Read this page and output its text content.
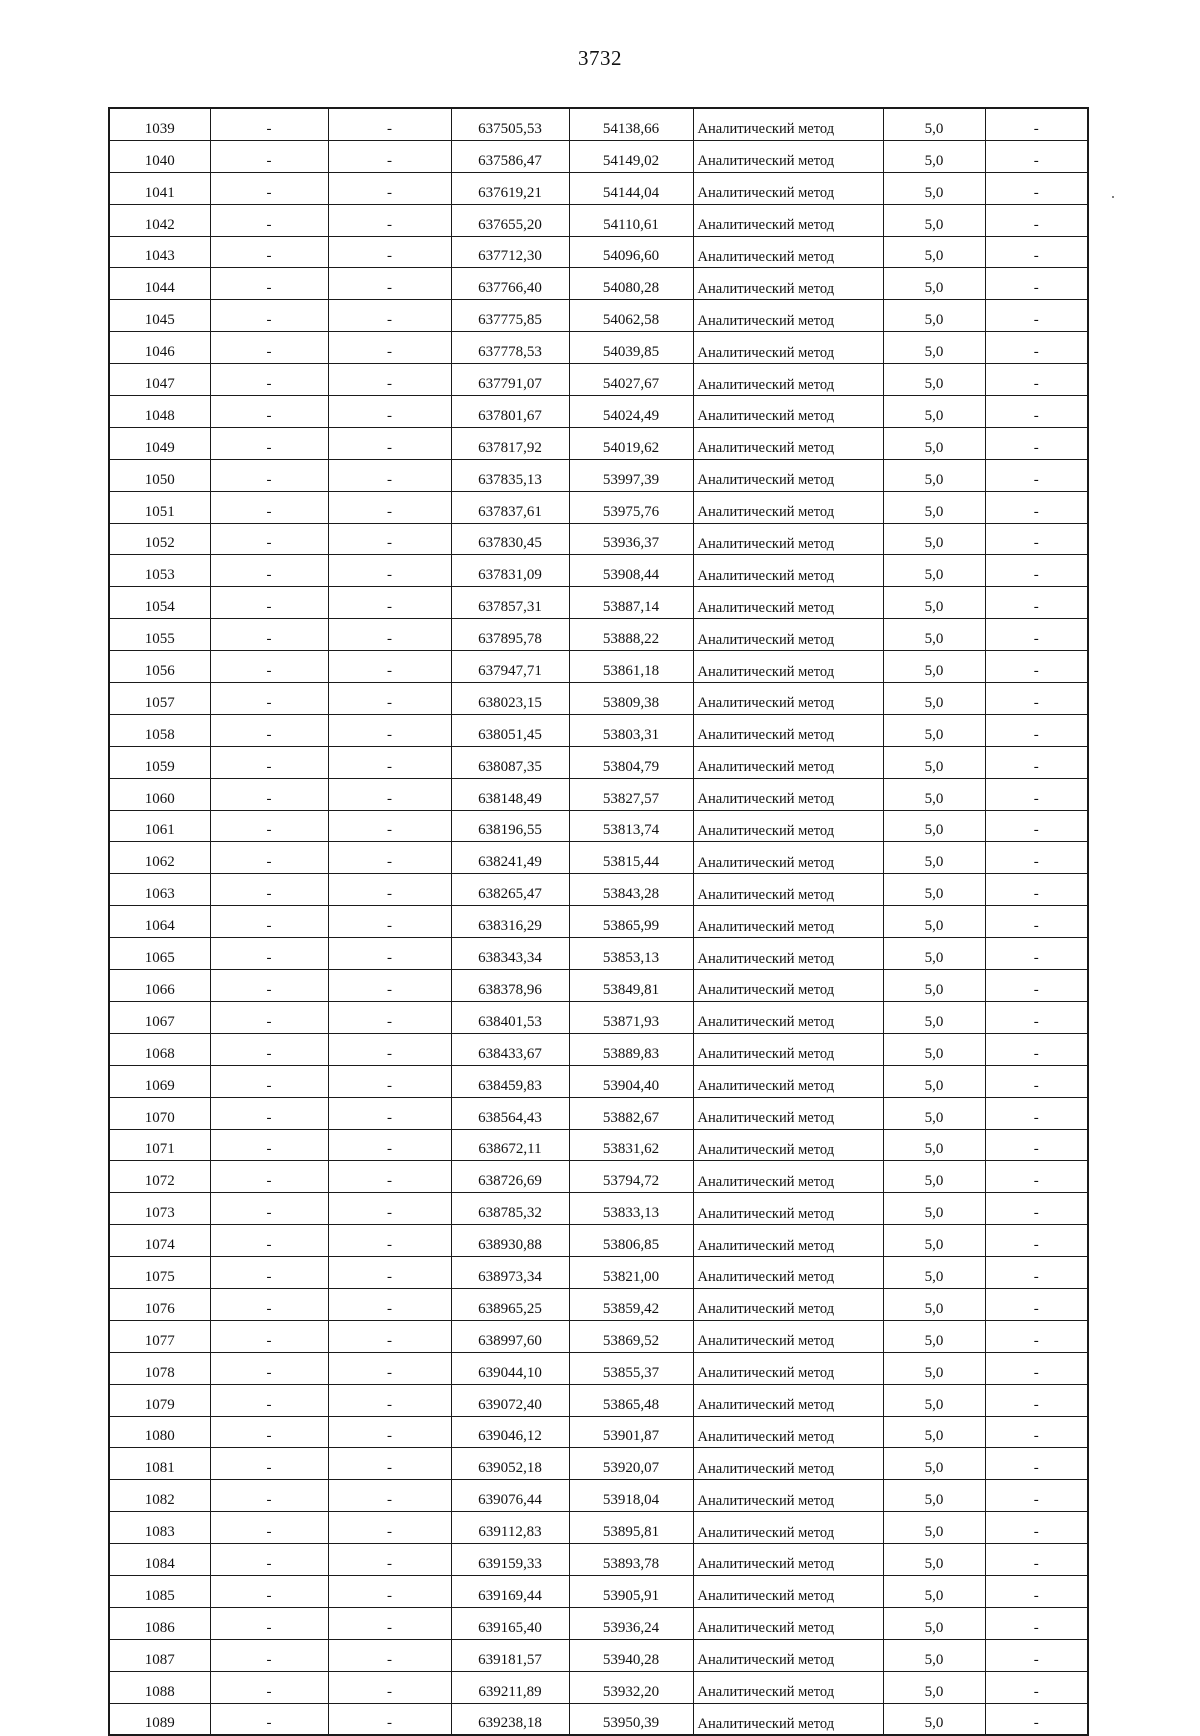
3732
1039	-	-	637505,53	54138,66	Аналитический метод	5,0	-
1040	-	-	637586,47	54149,02	Аналитический метод	5,0	-
1041	-	-	637619,21	54144,04	Аналитический метод	5,0	-
1042	-	-	637655,20	54110,61	Аналитический метод	5,0	-
1043	-	-	637712,30	54096,60	Аналитический метод	5,0	-
1044	-	-	637766,40	54080,28	Аналитический метод	5,0	-
1045	-	-	637775,85	54062,58	Аналитический метод	5,0	-
1046	-	-	637778,53	54039,85	Аналитический метод	5,0	-
1047	-	-	637791,07	54027,67	Аналитический метод	5,0	-
1048	-	-	637801,67	54024,49	Аналитический метод	5,0	-
1049	-	-	637817,92	54019,62	Аналитический метод	5,0	-
1050	-	-	637835,13	53997,39	Аналитический метод	5,0	-
1051	-	-	637837,61	53975,76	Аналитический метод	5,0	-
1052	-	-	637830,45	53936,37	Аналитический метод	5,0	-
1053	-	-	637831,09	53908,44	Аналитический метод	5,0	-
1054	-	-	637857,31	53887,14	Аналитический метод	5,0	-
1055	-	-	637895,78	53888,22	Аналитический метод	5,0	-
1056	-	-	637947,71	53861,18	Аналитический метод	5,0	-
1057	-	-	638023,15	53809,38	Аналитический метод	5,0	-
1058	-	-	638051,45	53803,31	Аналитический метод	5,0	-
1059	-	-	638087,35	53804,79	Аналитический метод	5,0	-
1060	-	-	638148,49	53827,57	Аналитический метод	5,0	-
1061	-	-	638196,55	53813,74	Аналитический метод	5,0	-
1062	-	-	638241,49	53815,44	Аналитический метод	5,0	-
1063	-	-	638265,47	53843,28	Аналитический метод	5,0	-
1064	-	-	638316,29	53865,99	Аналитический метод	5,0	-
1065	-	-	638343,34	53853,13	Аналитический метод	5,0	-
1066	-	-	638378,96	53849,81	Аналитический метод	5,0	-
1067	-	-	638401,53	53871,93	Аналитический метод	5,0	-
1068	-	-	638433,67	53889,83	Аналитический метод	5,0	-
1069	-	-	638459,83	53904,40	Аналитический метод	5,0	-
1070	-	-	638564,43	53882,67	Аналитический метод	5,0	-
1071	-	-	638672,11	53831,62	Аналитический метод	5,0	-
1072	-	-	638726,69	53794,72	Аналитический метод	5,0	-
1073	-	-	638785,32	53833,13	Аналитический метод	5,0	-
1074	-	-	638930,88	53806,85	Аналитический метод	5,0	-
1075	-	-	638973,34	53821,00	Аналитический метод	5,0	-
1076	-	-	638965,25	53859,42	Аналитический метод	5,0	-
1077	-	-	638997,60	53869,52	Аналитический метод	5,0	-
1078	-	-	639044,10	53855,37	Аналитический метод	5,0	-
1079	-	-	639072,40	53865,48	Аналитический метод	5,0	-
1080	-	-	639046,12	53901,87	Аналитический метод	5,0	-
1081	-	-	639052,18	53920,07	Аналитический метод	5,0	-
1082	-	-	639076,44	53918,04	Аналитический метод	5,0	-
1083	-	-	639112,83	53895,81	Аналитический метод	5,0	-
1084	-	-	639159,33	53893,78	Аналитический метод	5,0	-
1085	-	-	639169,44	53905,91	Аналитический метод	5,0	-
1086	-	-	639165,40	53936,24	Аналитический метод	5,0	-
1087	-	-	639181,57	53940,28	Аналитический метод	5,0	-
1088	-	-	639211,89	53932,20	Аналитический метод	5,0	-
1089	-	-	639238,18	53950,39	Аналитический метод	5,0	-
